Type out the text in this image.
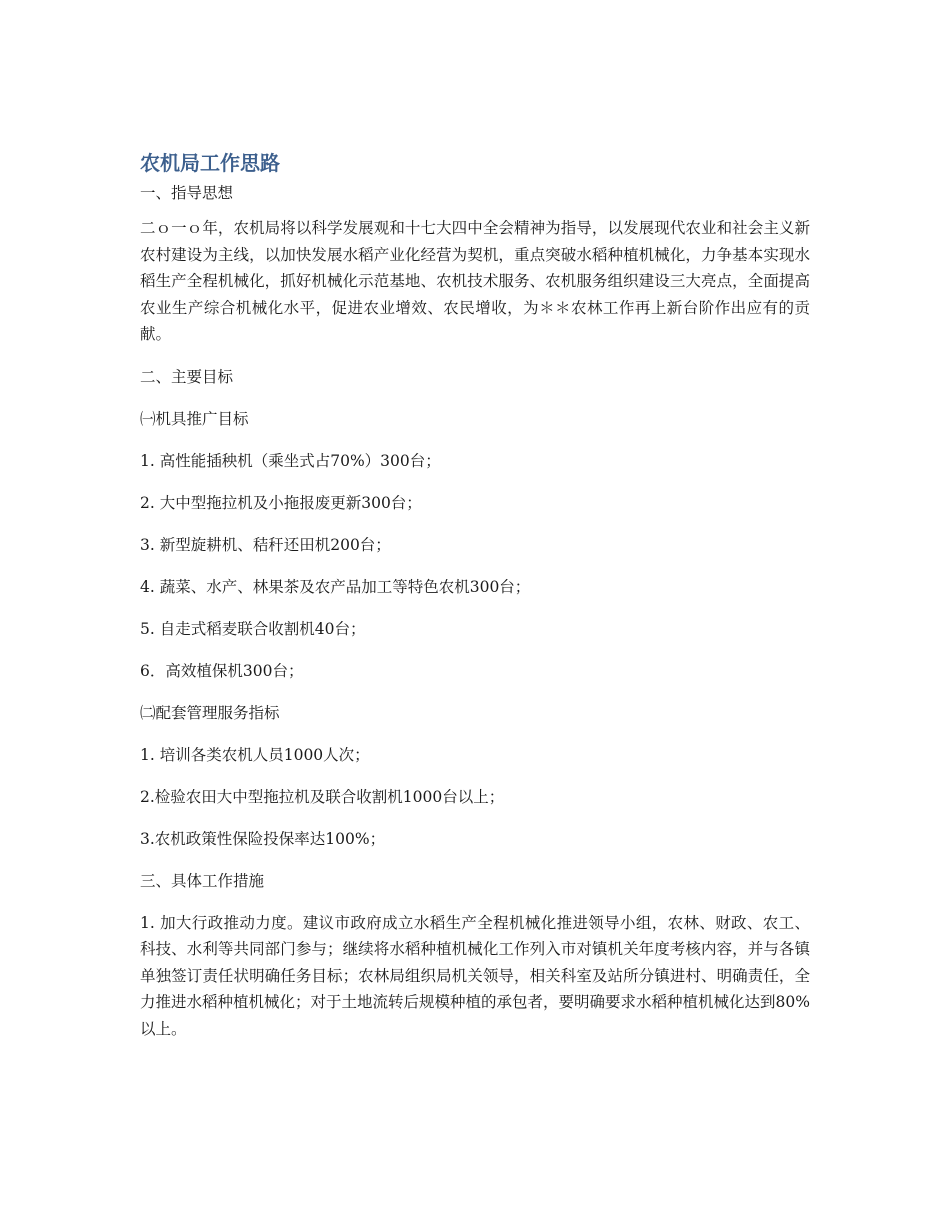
农机局工作思路

一、指导思想

二ｏ一ｏ年，农机局将以科学发展观和十七大四中全会精神为指导，以发展现代农业和社会主义新农村建设为主线，以加快发展水稻产业化经营为契机，重点突破水稻种植机械化，力争基本实现水稻生产全程机械化，抓好机械化示范基地、农机技术服务、农机服务组织建设三大亮点，全面提高农业生产综合机械化水平，促进农业增效、农民增收，为＊＊农林工作再上新台阶作出应有的贡献。

二、主要目标

㈠机具推广目标

1. 高性能插秧机（乘坐式占70%）300台；

2. 大中型拖拉机及小拖报废更新300台；

3. 新型旋耕机、秸秆还田机200台；

4. 蔬菜、水产、林果茶及农产品加工等特色农机300台；

5. 自走式稻麦联合收割机40台；

6．高效植保机300台；

㈡配套管理服务指标

1. 培训各类农机人员1000人次；

2.检验农田大中型拖拉机及联合收割机1000台以上；

3.农机政策性保险投保率达100%；

三、具体工作措施

1. 加大行政推动力度。建议市政府成立水稻生产全程机械化推进领导小组，农林、财政、农工、科技、水利等共同部门参与；继续将水稻种植机械化工作列入市对镇机关年度考核内容，并与各镇单独签订责任状明确任务目标；农林局组织局机关领导，相关科室及站所分镇进村、明确责任，全力推进水稻种植机械化；对于土地流转后规模种植的承包者，要明确要求水稻种植机械化达到80%以上。
